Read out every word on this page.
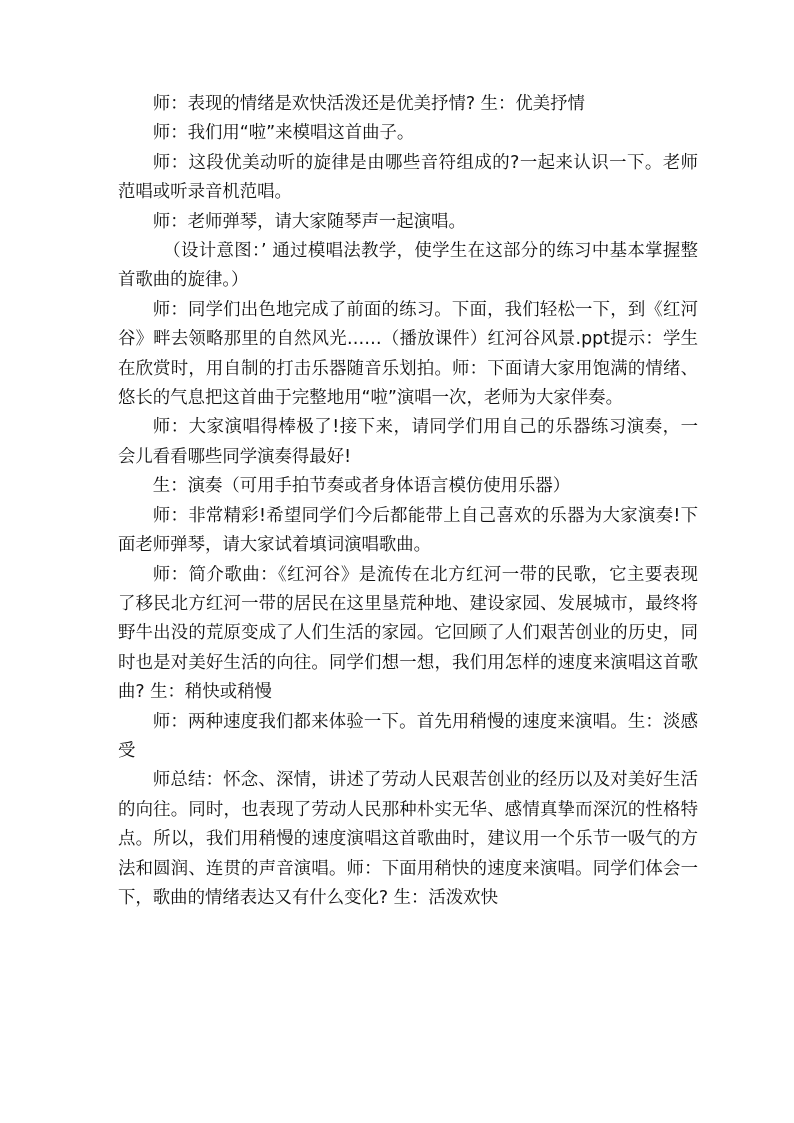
师：表现的情绪是欢快活泼还是优美抒情? 生：优美抒情

师：我们用“啦”来模唱这首曲子。

师：这段优美动听的旋律是由哪些音符组成的?一起来认识一下。老师范唱或听录音机范唱。

师：老师弹琴，请大家随琴声一起演唱。

（设计意图：’ 通过模唱法教学，使学生在这部分的练习中基本掌握整首歌曲的旋律。）

师：同学们出色地完成了前面的练习。下面，我们轻松一下，到《红河谷》畔去领略那里的自然风光……（播放课件）红河谷风景.ppt提示：学生在欣赏时，用自制的打击乐器随音乐划拍。师：下面请大家用饱满的情绪、悠长的气息把这首曲于完整地用“啦”演唱一次，老师为大家伴奏。

师：大家演唱得棒极了!接下来，请同学们用自己的乐器练习演奏，一会儿看看哪些同学演奏得最好!

生：演奏（可用手拍节奏或者身体语言模仿使用乐器）

师：非常精彩!希望同学们今后都能带上自己喜欢的乐器为大家演奏!下面老师弹琴，请大家试着填词演唱歌曲。

师：简介歌曲：《红河谷》是流传在北方红河一带的民歌，它主要表现了移民北方红河一带的居民在这里垦荒种地、建设家园、发展城市，最终将野牛出没的荒原变成了人们生活的家园。它回顾了人们艰苦创业的历史，同时也是对美好生活的向往。同学们想一想，我们用怎样的速度来演唱这首歌曲? 生：稍快或稍慢

师：两种速度我们都来体验一下。首先用稍慢的速度来演唱。生：淡感受

师总结：怀念、深情，讲述了劳动人民艰苦创业的经历以及对美好生活的向往。同时，也表现了劳动人民那种朴实无华、感情真挚而深沉的性格特点。所以，我们用稍慢的速度演唱这首歌曲时，建议用一个乐节一吸气的方法和圆润、连贯的声音演唱。师：下面用稍快的速度来演唱。同学们体会一下，歌曲的情绪表达又有什么变化? 生：活泼欢快
